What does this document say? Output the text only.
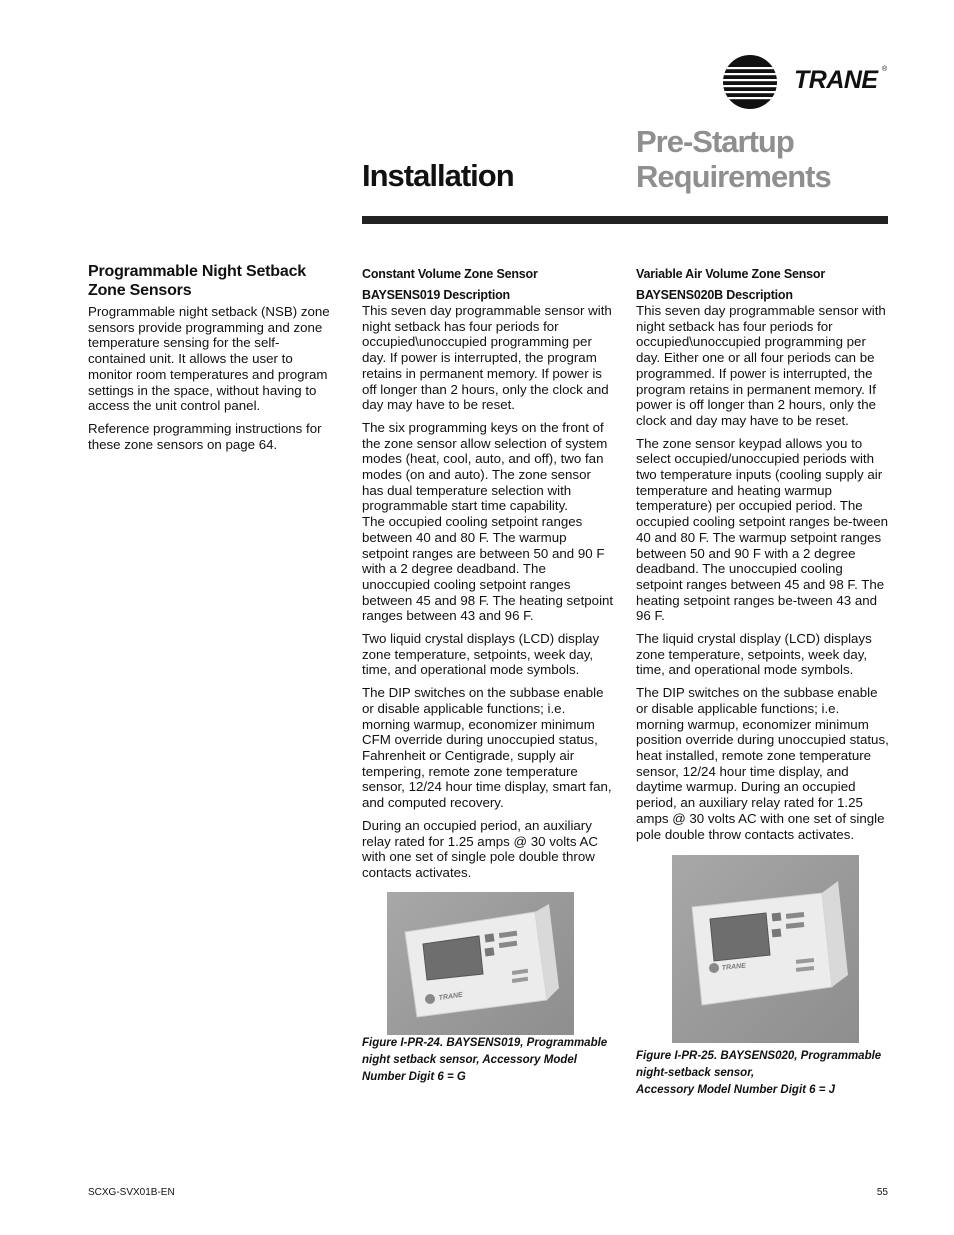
TRANE ®
Installation
Pre-Startup
Requirements
Programmable Night Setback Zone Sensors

Programmable night setback (NSB) zone sensors provide programming and zone temperature sensing for the self-contained unit. It allows the user to monitor room temperatures and program settings in the space, without having to access the unit control panel.

Reference programming instructions for these zone sensors on page 64.

Constant Volume Zone Sensor
BAYSENS019 Description

This seven day programmable sensor with night setback has four periods for occupied\unoccupied programming per day. If power is interrupted, the program retains in permanent memory. If power is off longer than 2 hours, only the clock and day may have to be reset.

The six programming keys on the front of the zone sensor allow selection of system modes (heat, cool, auto, and off), two fan modes (on and auto). The zone sensor has dual temperature selection with programmable start time capability.

The occupied cooling setpoint ranges between 40 and 80 F. The warmup setpoint ranges are between 50 and 90 F with a 2 degree deadband. The unoccupied cooling setpoint ranges between 45 and 98 F. The heating setpoint ranges between 43 and 96 F.

Two liquid crystal displays (LCD) display zone temperature, setpoints, week day, time, and operational mode symbols.

The DIP switches on the subbase enable or disable applicable functions; i.e. morning warmup, economizer minimum CFM override during unoccupied status, Fahrenheit or Centigrade, supply air tempering, remote zone temperature sensor, 12/24 hour time display, smart fan, and computed recovery.

During an occupied period, an auxiliary relay rated for 1.25 amps @ 30 volts AC with one set of single pole double throw contacts activates.

Variable Air Volume Zone Sensor
BAYSENS020B Description

This seven day programmable sensor with night setback has four periods for occupied\unoccupied programming per day. Either one or all four periods can be programmed. If power is interrupted, the program retains in permanent memory. If power is off longer than 2 hours, only the clock and day may have to be reset.

The zone sensor keypad allows you to select occupied/unoccupied periods with two temperature inputs (cooling supply air temperature and heating warmup temperature) per occupied period. The occupied cooling setpoint ranges be-tween 40 and 80 F. The warmup setpoint ranges between 50 and 90 F with a 2 degree deadband. The unoccupied cooling setpoint ranges between 45 and 98 F. The heating setpoint ranges be-tween 43 and 96 F.

The liquid crystal display (LCD) displays zone temperature, setpoints, week day, time, and operational mode symbols.

The DIP switches on the subbase enable or disable applicable functions; i.e. morning warmup, economizer minimum position override during unoccupied status, heat installed, remote zone temperature sensor, 12/24 hour time display, and daytime warmup. During an occupied period, an auxiliary relay rated for 1.25 amps @ 30 volts AC with one set of single pole double throw contacts activates.

TRANE
TRANE
Figure I-PR-24. BAYSENS019, Programmable night setback sensor, Accessory Model Number Digit 6 = G
Figure I-PR-25. BAYSENS020, Programmable
night-setback sensor,
Accessory Model Number Digit 6 = J
SCXG-SVX01B-EN	55
